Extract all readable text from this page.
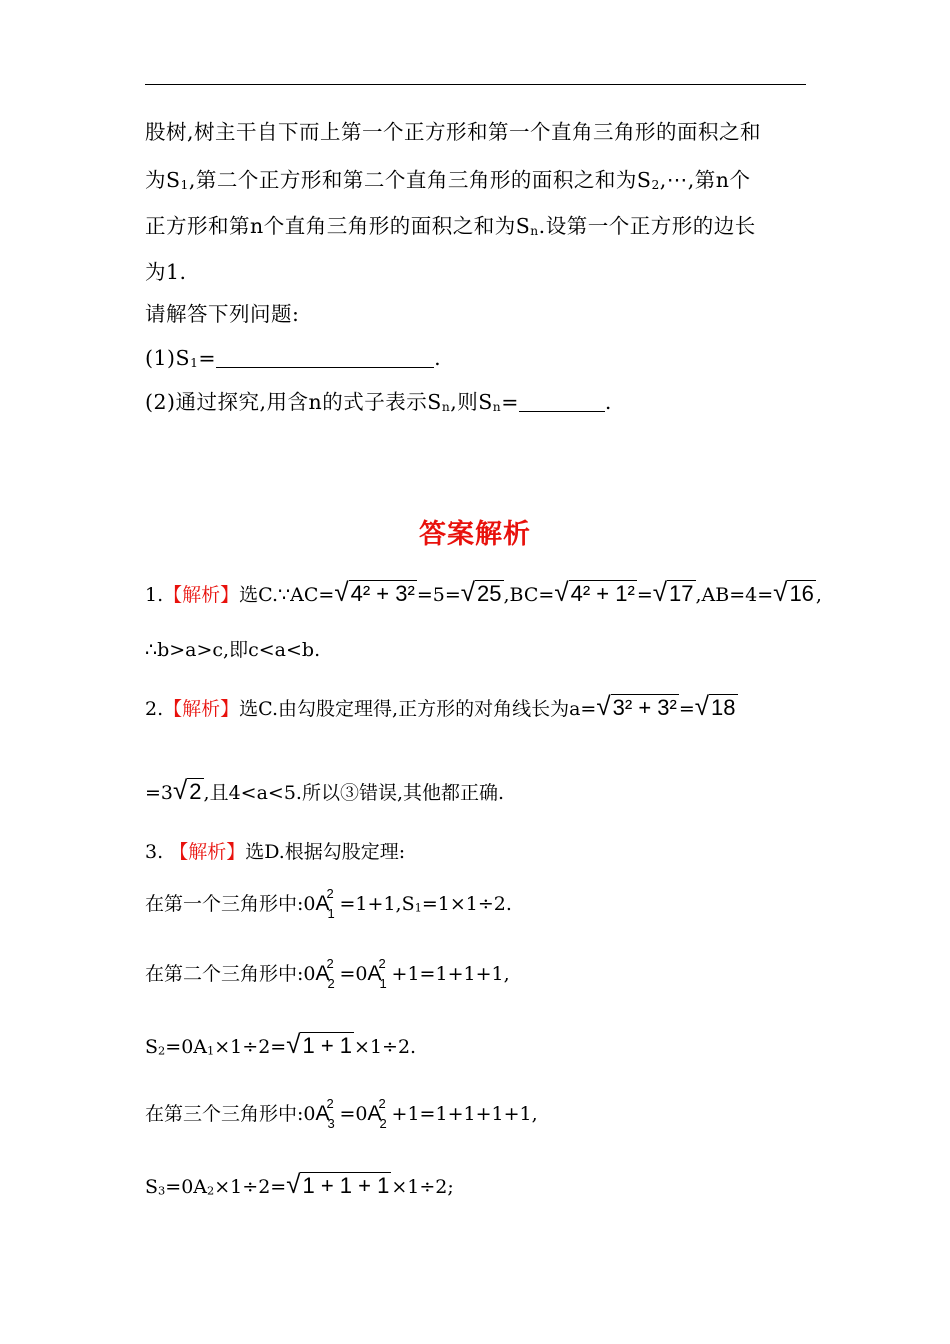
股树,树主干自下而上第一个正方形和第一个直角三角形的面积之和
为$S_1$,第二个正方形和第二个直角三角形的面积之和为$S_2,\cdots$,第n个
正方形和第n个直角三角形的面积之和为$S_n$.设第一个正方形的边长
为1.
请解答下列问题:
$(1)S_1=$	.
(2)通过探究,用含n的式子表示$S_n$,则$S_n=$	.
答案解析
1.【解析】选C.∵AC=√4² + 3² =5=√25 ,BC=√4² + 1² =√17 ,AB=4=√16 ,
∴b>a>c,即c<a<b.
2.【解析】选C.由勾股定理得,正方形的对角线长为a=√3² + 3² =√18
=3√2 ,且4<a<5.所以③错误,其他都正确.
3. 【解析】选D.根据勾股定理:
在第一个三角形中:0A
2
$1 =1+1,S_1=1\times 1\div 2$.
在第二个三角形中:0A
2
2 =0A
2
1 +1=1+1+1,
$S_2=0A_1\times 1\div 2=√1 + 1 \times 1\div 2$.
在第三个三角形中:0A
2
3 =0A
2
2 +1=1+1+1+1,
$S_3=0A_2\times 1\div 2=√1 + 1 + 1 \times 1\div 2$;
